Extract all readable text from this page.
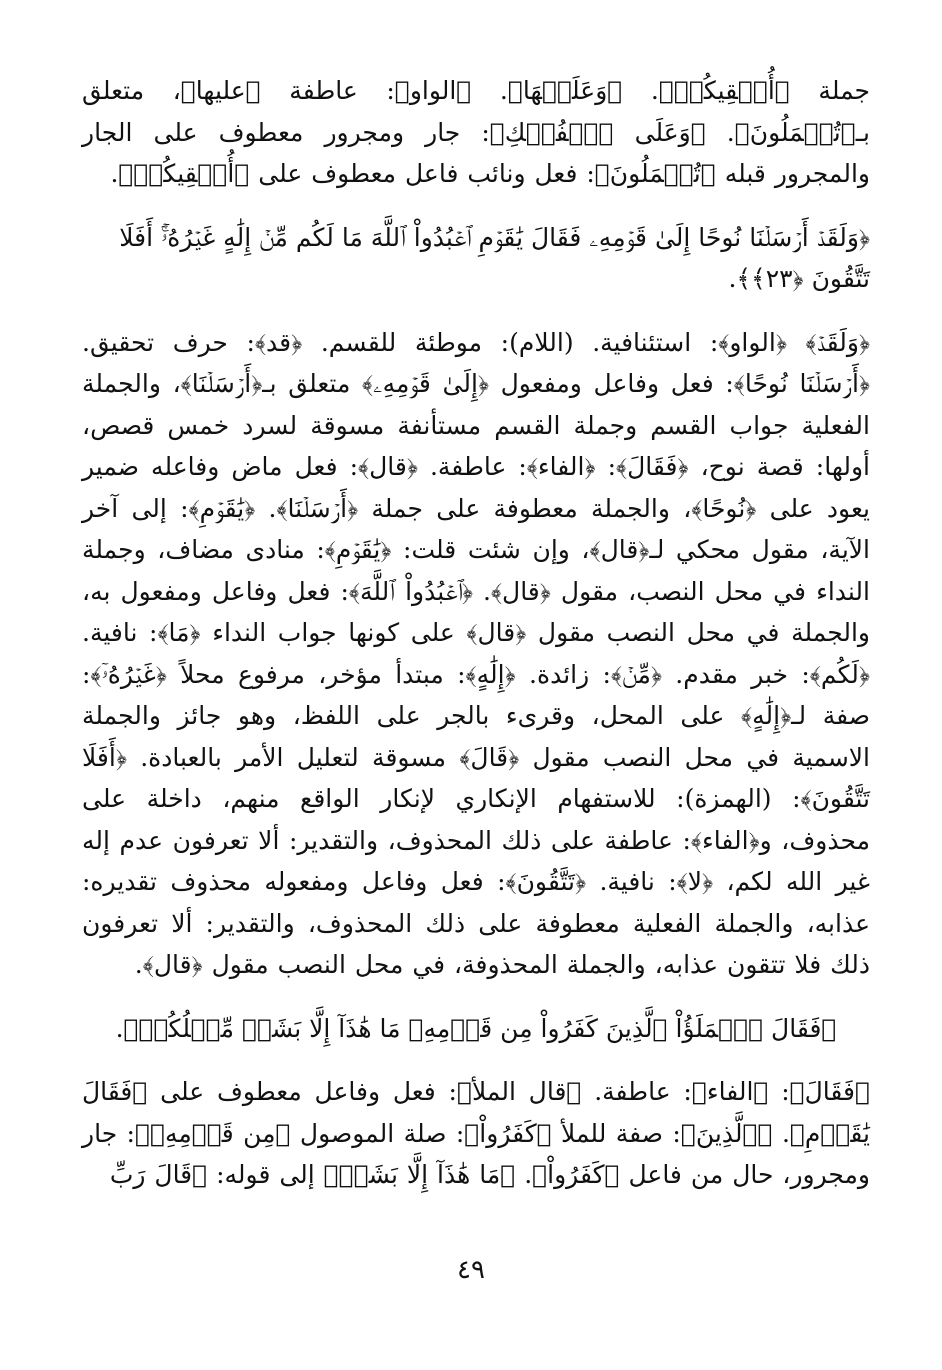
جملة ﴿أُسۡقِيكُمۡ﴾. ﴿وَعَلَيۡهَا﴾. ﴿الواو﴾: عاطفة ﴿عليها﴾، متعلق بـ﴿تُحۡمَلُونَ﴾. ﴿وَعَلَى ٱلۡفُلۡكِ﴾: جار ومجرور معطوف على الجار والمجرور قبله ﴿تُحۡمَلُونَ﴾: فعل ونائب فاعل معطوف على ﴿أُسۡقِيكُمۡ﴾.

﴿وَلَقَدۡ أَرۡسَلۡنَا نُوحًا إِلَىٰ قَوۡمِهِۦ فَقَالَ يَٰقَوۡمِ ٱعۡبُدُواْ ٱللَّهَ مَا لَكُم مِّنۡ إِلَٰهٍ غَيۡرُهُۥٓۚ أَفَلَا تَتَّقُونَ ﴿٢٣﴾﴾.

﴿وَلَقَدۡ﴾ ﴿الواو﴾: استئنافية. (اللام): موطئة للقسم. ﴿قد﴾: حرف تحقيق. ﴿أَرۡسَلۡنَا نُوحًا﴾: فعل وفاعل ومفعول ﴿إِلَىٰ قَوۡمِهِۦ﴾ متعلق بـ﴿أَرۡسَلۡنَا﴾، والجملة الفعلية جواب القسم وجملة القسم مستأنفة مسوقة لسرد خمس قصص، أولها: قصة نوح، ﴿فَقَالَ﴾: ﴿الفاء﴾: عاطفة. ﴿قال﴾: فعل ماض وفاعله ضمير يعود على ﴿نُوحًا﴾، والجملة معطوفة على جملة ﴿أَرۡسَلۡنَا﴾. ﴿يَٰقَوۡمِ﴾: إلى آخر الآية، مقول محكي لـ﴿قال﴾، وإن شئت قلت: ﴿يَٰقَوۡمِ﴾: منادى مضاف، وجملة النداء في محل النصب، مقول ﴿قال﴾. ﴿ٱعۡبُدُواْ ٱللَّهَ﴾: فعل وفاعل ومفعول به، والجملة في محل النصب مقول ﴿قال﴾ على كونها جواب النداء ﴿مَا﴾: نافية. ﴿لَكُم﴾: خبر مقدم. ﴿مِّنۡ﴾: زائدة. ﴿إِلَٰهٍ﴾: مبتدأ مؤخر، مرفوع محلاً ﴿غَيۡرُهُۥٓ﴾: صفة لـ﴿إِلَٰهٍ﴾ على المحل، وقرىء بالجر على اللفظ، وهو جائز والجملة الاسمية في محل النصب مقول ﴿قَالَ﴾ مسوقة لتعليل الأمر بالعبادة. ﴿أَفَلَا تَتَّقُونَ﴾: (الهمزة): للاستفهام الإنكاري لإنكار الواقع منهم، داخلة على محذوف، و﴿الفاء﴾: عاطفة على ذلك المحذوف، والتقدير: ألا تعرفون عدم إله غير الله لكم، ﴿لا﴾: نافية. ﴿تَتَّقُونَ﴾: فعل وفاعل ومفعوله محذوف تقديره: عذابه، والجملة الفعلية معطوفة على ذلك المحذوف، والتقدير: ألا تعرفون ذلك فلا تتقون عذابه، والجملة المحذوفة، في محل النصب مقول ﴿قال﴾.

﴿فَقَالَ ٱلۡمَلَؤُاْ ٱلَّذِينَ كَفَرُواْ مِن قَوۡمِهِۦ مَا هَٰذَآ إِلَّا بَشَرٞ مِّثۡلُكُمۡ﴾.

﴿فَقَالَ﴾: ﴿الفاء﴾: عاطفة. ﴿قال الملأ﴾: فعل وفاعل معطوف على ﴿فَقَالَ يَٰقَوۡمِ﴾. ﴿ٱلَّذِينَ﴾: صفة للملأ ﴿كَفَرُواْ﴾: صلة الموصول ﴿مِن قَوۡمِهِۦ﴾: جار ومجرور، حال من فاعل ﴿كَفَرُواْ﴾. ﴿مَا هَٰذَآ إِلَّا بَشَرٞ﴾ إلى قوله: ﴿قَالَ رَبِّ

٤٩
